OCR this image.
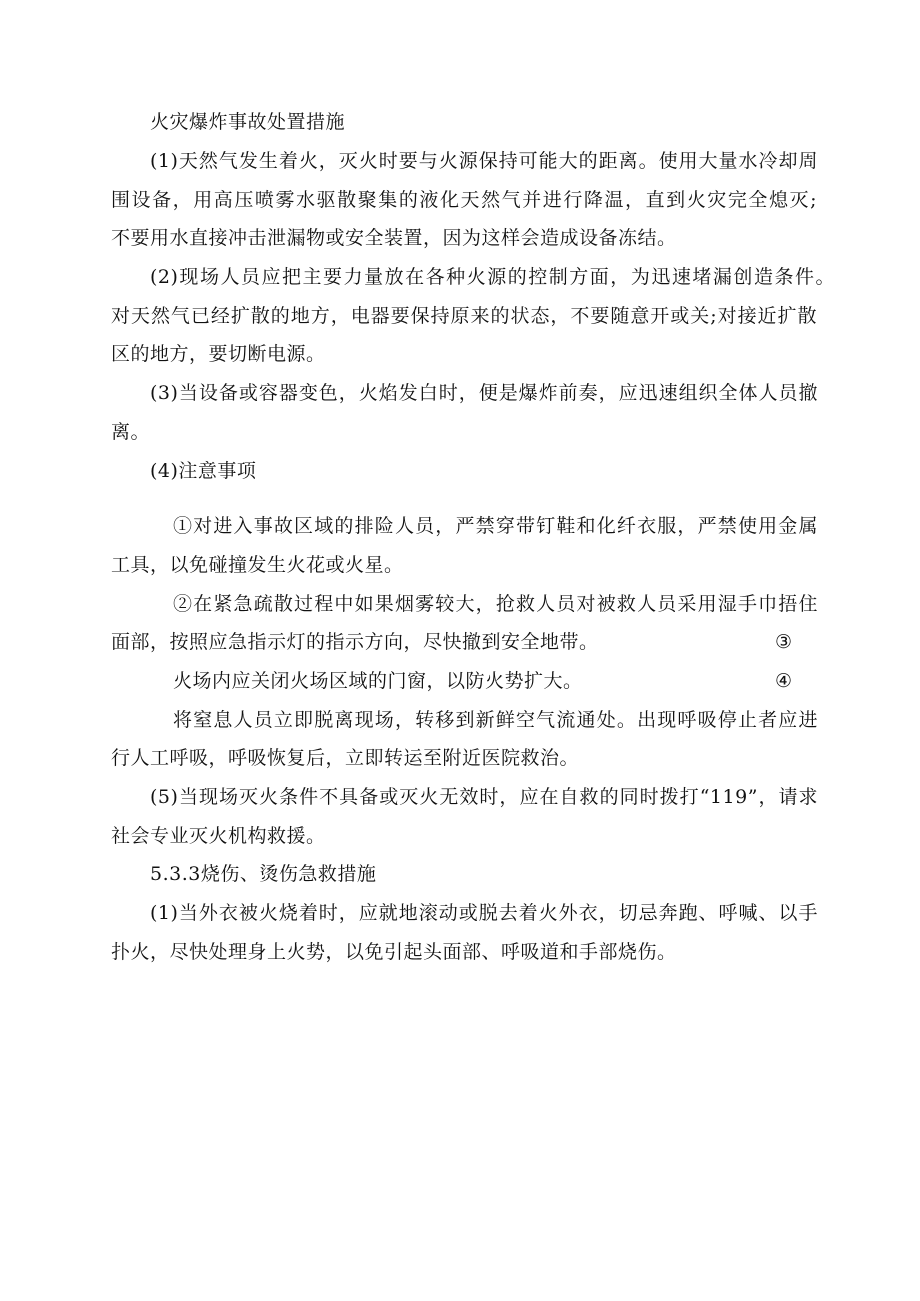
火灾爆炸事故处置措施
(1)天然气发生着火，灭火时要与火源保持可能大的距离。使用大量水冷却周
围设备，用高压喷雾水驱散聚集的液化天然气并进行降温，直到火灾完全熄灭;
不要用水直接冲击泄漏物或安全装置，因为这样会造成设备冻结。
(2)现场人员应把主要力量放在各种火源的控制方面，为迅速堵漏创造条件。
对天然气已经扩散的地方，电器要保持原来的状态，不要随意开或关;对接近扩散
区的地方，要切断电源。
(3)当设备或容器变色，火焰发白时，便是爆炸前奏，应迅速组织全体人员撤
离。
(4)注意事项
①对进入事故区域的排险人员，严禁穿带钉鞋和化纤衣服，严禁使用金属
工具，以免碰撞发生火花或火星。
②在紧急疏散过程中如果烟雾较大，抢救人员对被救人员采用湿手巾捂住
面部，按照应急指示灯的指示方向，尽快撤到安全地带。	③
火场内应关闭火场区域的门窗，以防火势扩大。	④
将窒息人员立即脱离现场，转移到新鲜空气流通处。出现呼吸停止者应进
行人工呼吸，呼吸恢复后，立即转运至附近医院救治。
(5)当现场灭火条件不具备或灭火无效时，应在自救的同时拨打“119”，请求
社会专业灭火机构救援。
5.3.3烧伤、烫伤急救措施
(1)当外衣被火烧着时，应就地滚动或脱去着火外衣，切忌奔跑、呼喊、以手
扑火，尽快处理身上火势，以免引起头面部、呼吸道和手部烧伤。
